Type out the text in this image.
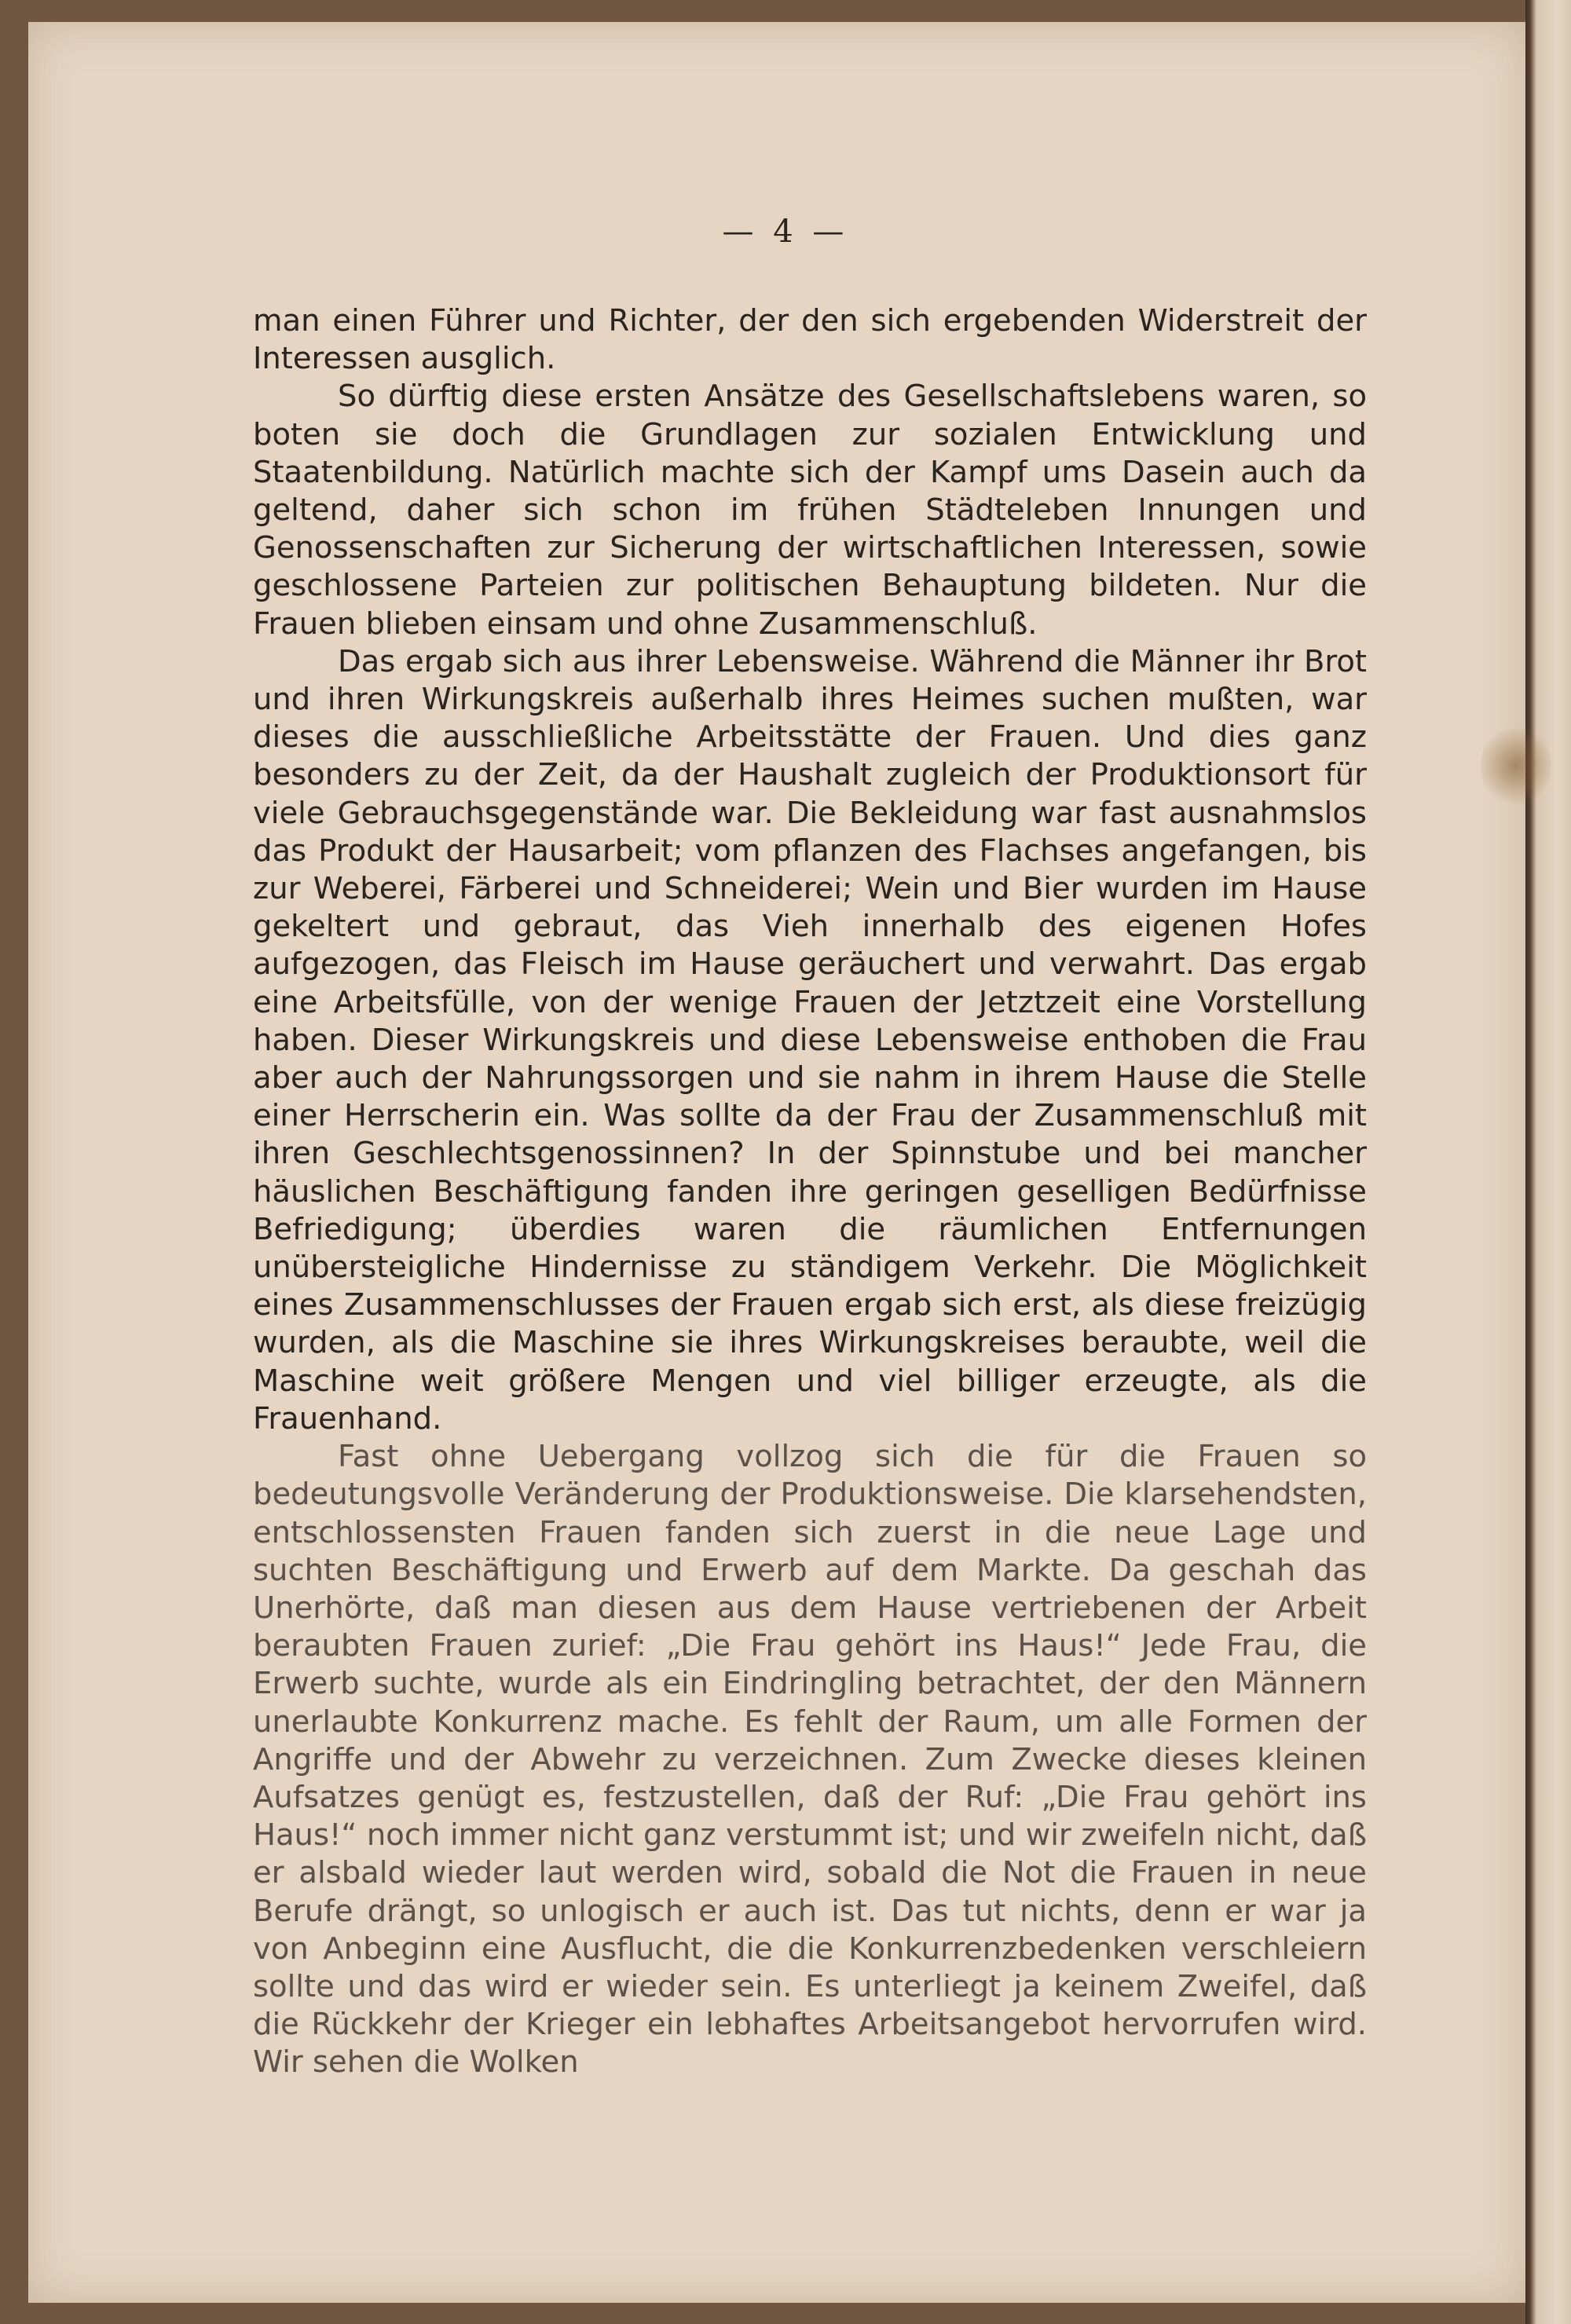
— 4 —

man einen Führer und Richter, der den sich ergebenden Widerstreit der Interessen ausglich.

So dürftig diese ersten Ansätze des Gesellschaftslebens waren, so boten sie doch die Grundlagen zur sozialen Entwicklung und Staatenbildung. Natürlich machte sich der Kampf ums Dasein auch da geltend, daher sich schon im frühen Städteleben Innungen und Genossenschaften zur Sicherung der wirtschaftlichen Interessen, sowie geschlossene Parteien zur politischen Behauptung bildeten. Nur die Frauen blieben einsam und ohne Zusammenschluß.

Das ergab sich aus ihrer Lebensweise. Während die Männer ihr Brot und ihren Wirkungskreis außerhalb ihres Heimes suchen mußten, war dieses die ausschließliche Arbeitsstätte der Frauen. Und dies ganz besonders zu der Zeit, da der Haushalt zugleich der Produktionsort für viele Gebrauchsgegenstände war. Die Bekleidung war fast ausnahmslos das Produkt der Hausarbeit; vom pflanzen des Flachses angefangen, bis zur Weberei, Färberei und Schneiderei; Wein und Bier wurden im Hause gekeltert und gebraut, das Vieh innerhalb des eigenen Hofes aufgezogen, das Fleisch im Hause geräuchert und verwahrt. Das ergab eine Arbeitsfülle, von der wenige Frauen der Jetztzeit eine Vorstellung haben. Dieser Wirkungskreis und diese Lebensweise enthoben die Frau aber auch der Nahrungssorgen und sie nahm in ihrem Hause die Stelle einer Herrscherin ein. Was sollte da der Frau der Zusammenschluß mit ihren Geschlechtsgenossinnen? In der Spinnstube und bei mancher häuslichen Beschäftigung fanden ihre geringen geselligen Bedürfnisse Befriedigung; überdies waren die räumlichen Entfernungen unübersteigliche Hindernisse zu ständigem Verkehr. Die Möglichkeit eines Zusammenschlusses der Frauen ergab sich erst, als diese freizügig wurden, als die Maschine sie ihres Wirkungskreises beraubte, weil die Maschine weit größere Mengen und viel billiger erzeugte, als die Frauenhand.

Fast ohne Uebergang vollzog sich die für die Frauen so bedeutungsvolle Veränderung der Produktionsweise. Die klarsehendsten, entschlossensten Frauen fanden sich zuerst in die neue Lage und suchten Beschäftigung und Erwerb auf dem Markte. Da geschah das Unerhörte, daß man diesen aus dem Hause vertriebenen der Arbeit beraubten Frauen zurief: „Die Frau gehört ins Haus!“ Jede Frau, die Erwerb suchte, wurde als ein Eindringling betrachtet, der den Männern unerlaubte Konkurrenz mache. Es fehlt der Raum, um alle Formen der Angriffe und der Abwehr zu verzeichnen. Zum Zwecke dieses kleinen Aufsatzes genügt es, festzustellen, daß der Ruf: „Die Frau gehört ins Haus!“ noch immer nicht ganz verstummt ist; und wir zweifeln nicht, daß er alsbald wieder laut werden wird, sobald die Not die Frauen in neue Berufe drängt, so unlogisch er auch ist. Das tut nichts, denn er war ja von Anbeginn eine Ausflucht, die die Konkurrenzbedenken verschleiern sollte und das wird er wieder sein. Es unterliegt ja keinem Zweifel, daß die Rückkehr der Krieger ein lebhaftes Arbeitsangebot hervorrufen wird. Wir sehen die Wolken
